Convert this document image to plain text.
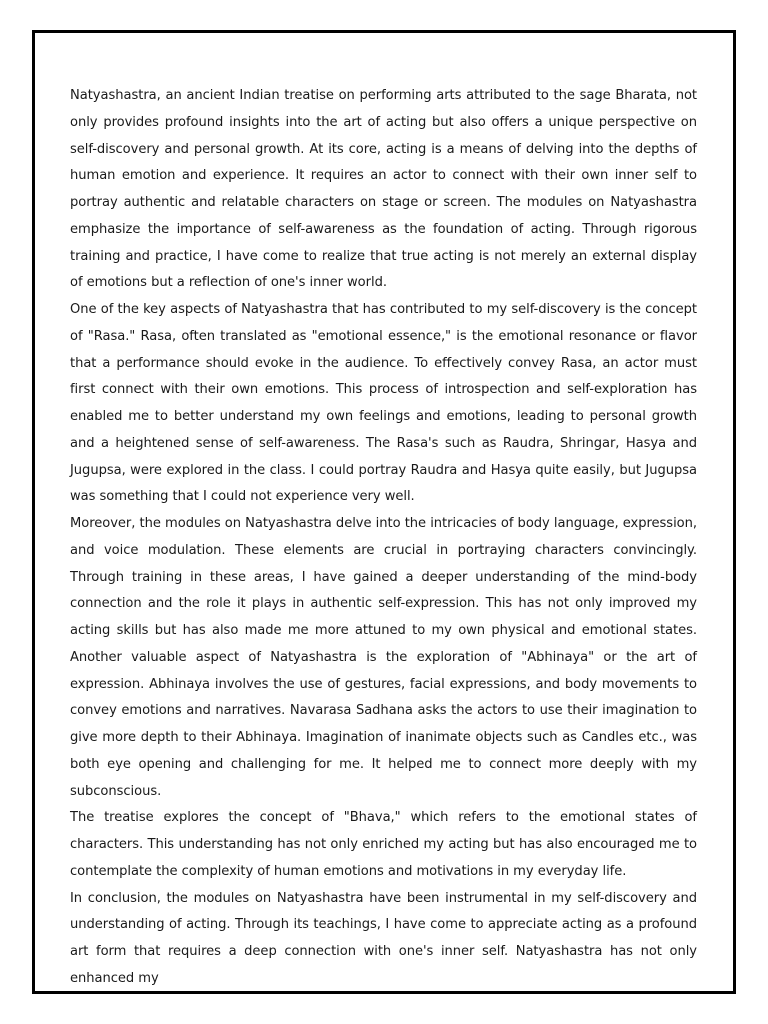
Natyashastra, an ancient Indian treatise on performing arts attributed to the sage Bharata, not only provides profound insights into the art of acting but also offers a unique perspective on self-discovery and personal growth. At its core, acting is a means of delving into the depths of human emotion and experience. It requires an actor to connect with their own inner self to portray authentic and relatable characters on stage or screen. The modules on Natyashastra emphasize the importance of self-awareness as the foundation of acting. Through rigorous training and practice, I have come to realize that true acting is not merely an external display of emotions but a reflection of one's inner world.

One of the key aspects of Natyashastra that has contributed to my self-discovery is the concept of "Rasa." Rasa, often translated as "emotional essence," is the emotional resonance or flavor that a performance should evoke in the audience. To effectively convey Rasa, an actor must first connect with their own emotions. This process of introspection and self-exploration has enabled me to better understand my own feelings and emotions, leading to personal growth and a heightened sense of self-awareness. The Rasa's such as Raudra, Shringar, Hasya and Jugupsa, were explored in the class. I could portray Raudra and Hasya quite easily, but Jugupsa was something that I could not experience very well.

Moreover, the modules on Natyashastra delve into the intricacies of body language, expression, and voice modulation. These elements are crucial in portraying characters convincingly. Through training in these areas, I have gained a deeper understanding of the mind-body connection and the role it plays in authentic self-expression. This has not only improved my acting skills but has also made me more attuned to my own physical and emotional states. Another valuable aspect of Natyashastra is the exploration of "Abhinaya" or the art of expression. Abhinaya involves the use of gestures, facial expressions, and body movements to convey emotions and narratives. Navarasa Sadhana asks the actors to use their imagination to give more depth to their Abhinaya. Imagination of inanimate objects such as Candles etc., was both eye opening and challenging for me. It helped me to connect more deeply with my subconscious.

The treatise explores the concept of "Bhava," which refers to the emotional states of characters. This understanding has not only enriched my acting but has also encouraged me to contemplate the complexity of human emotions and motivations in my everyday life.

In conclusion, the modules on Natyashastra have been instrumental in my self-discovery and understanding of acting. Through its teachings, I have come to appreciate acting as a profound art form that requires a deep connection with one's inner self. Natyashastra has not only enhanced my
